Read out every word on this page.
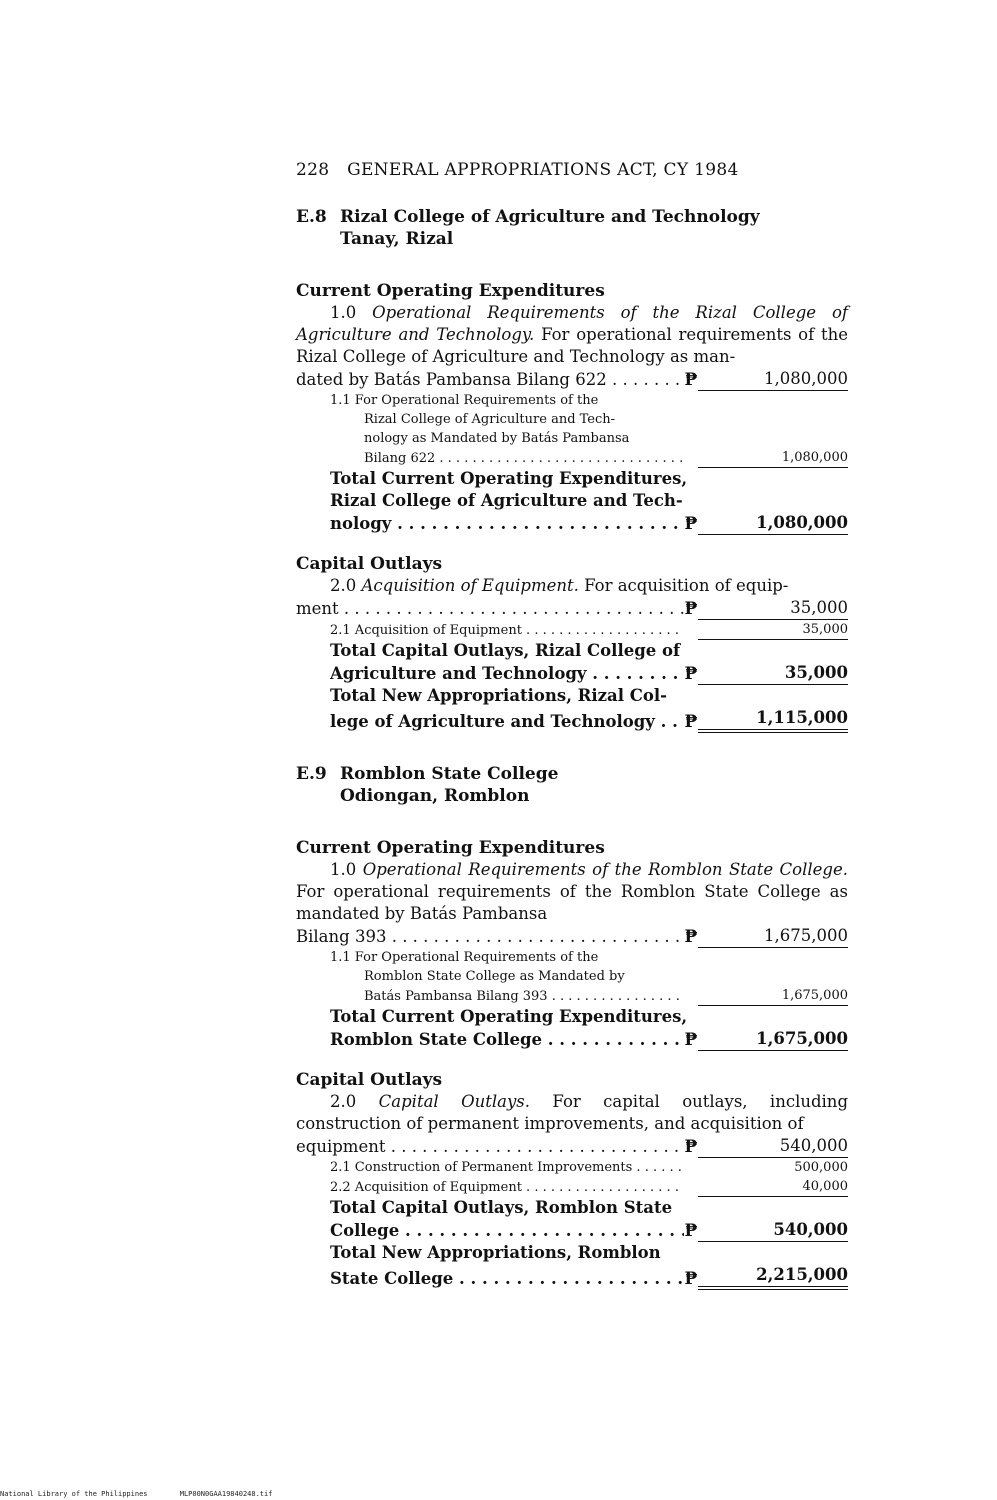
228 GENERAL APPROPRIATIONS ACT, CY 1984
E.8 Rizal College of Agriculture and Technology
Tanay, Rizal
Current Operating Expenditures
1.0 Operational Requirements of the Rizal College of Agriculture and Technology. For operational requirements of the Rizal College of Agriculture and Technology as man-
dated by Batás Pambansa Bilang 622 . . .	₱	1,080,000
1.1 For Operational Requirements of the
Rizal College of Agriculture and Tech-
nology as Mandated by Batás Pambansa
Bilang 622 . . .	1,080,000
Total Current Operating Expenditures,
Rizal College of Agriculture and Tech-
nology . . .	₱	1,080,000
Capital Outlays
2.0 Acquisition of Equipment. For acquisition of equip-
ment . . .	₱	35,000
2.1 Acquisition of Equipment . . .	35,000
Total Capital Outlays, Rizal College of
Agriculture and Technology . . .	₱	35,000
Total New Appropriations, Rizal Col-
lege of Agriculture and Technology . . .	₱	1,115,000
E.9 Romblon State College
Odiongan, Romblon
Current Operating Expenditures
1.0 Operational Requirements of the Romblon State College. For operational requirements of the Romblon State College as mandated by Batás Pambansa
Bilang 393 . . .	₱	1,675,000
1.1 For Operational Requirements of the
Romblon State College as Mandated by
Batás Pambansa Bilang 393 . . .	1,675,000
Total Current Operating Expenditures,
Romblon State College . . .	₱	1,675,000
Capital Outlays
2.0 Capital Outlays. For capital outlays, including construction of permanent improvements, and acquisition of
equipment . . .	₱	540,000
2.1 Construction of Permanent Improvements . . .	500,000
2.2 Acquisition of Equipment . . .	40,000
Total Capital Outlays, Romblon State
College . . .	₱	540,000
Total New Appropriations, Romblon
State College . . .	₱	2,215,000
National Library of the Philippines	MLP00N0GAA19840248.tif
